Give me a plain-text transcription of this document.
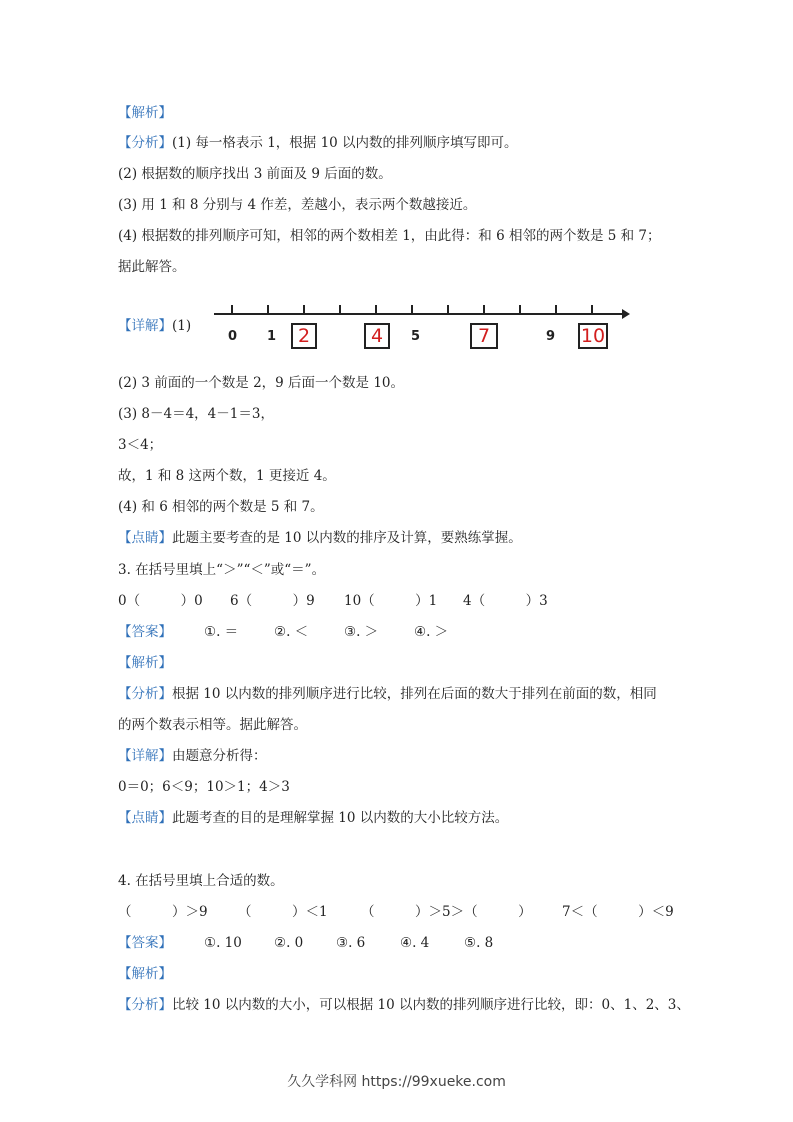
【解析】
【分析】(1) 每一格表示 1，根据 10 以内数的排列顺序填写即可。
(2) 根据数的顺序找出 3 前面及 9 后面的数。
(3) 用 1 和 8 分别与 4 作差，差越小，表示两个数越接近。
(4) 根据数的排列顺序可知，相邻的两个数相差 1，由此得：和 6 相邻的两个数是 5 和 7；
据此解答。
【详解】(1)
0 1	5	9
2	4	7	10
(2) 3 前面的一个数是 2，9 后面一个数是 10。
(3) 8－4＝4，4－1＝3，
3＜4；
故，1 和 8 这两个数，1 更接近 4。
(4) 和 6 相邻的两个数是 5 和 7。
【点睛】此题主要考查的是 10 以内数的排序及计算，要熟练掌握。
3. 在括号里填上“＞”“＜”或“＝”。
0（　　　）0 6（　　　）9 10（　　　）1 4（　　　）3
【答案】 ①. ＝	②. ＜	③. ＞	④. ＞
【解析】
【分析】根据 10 以内数的排列顺序进行比较，排列在后面的数大于排列在前面的数，相同
的两个数表示相等。据此解答。
【详解】由题意分析得：
0＝0；6＜9；10＞1；4＞3
【点睛】此题考查的目的是理解掌握 10 以内数的大小比较方法。
4. 在括号里填上合适的数。
（　　　）＞9 （　　　）＜1 （　　　）＞5＞（　　　） 7＜（　　　）＜9
【答案】 ①. 10 ②. 0 ③. 6	④. 4	⑤. 8
【解析】
【分析】比较 10 以内数的大小，可以根据 10 以内数的排列顺序进行比较，即：0、1、2、3、
久久学科网 https://99xueke.com
